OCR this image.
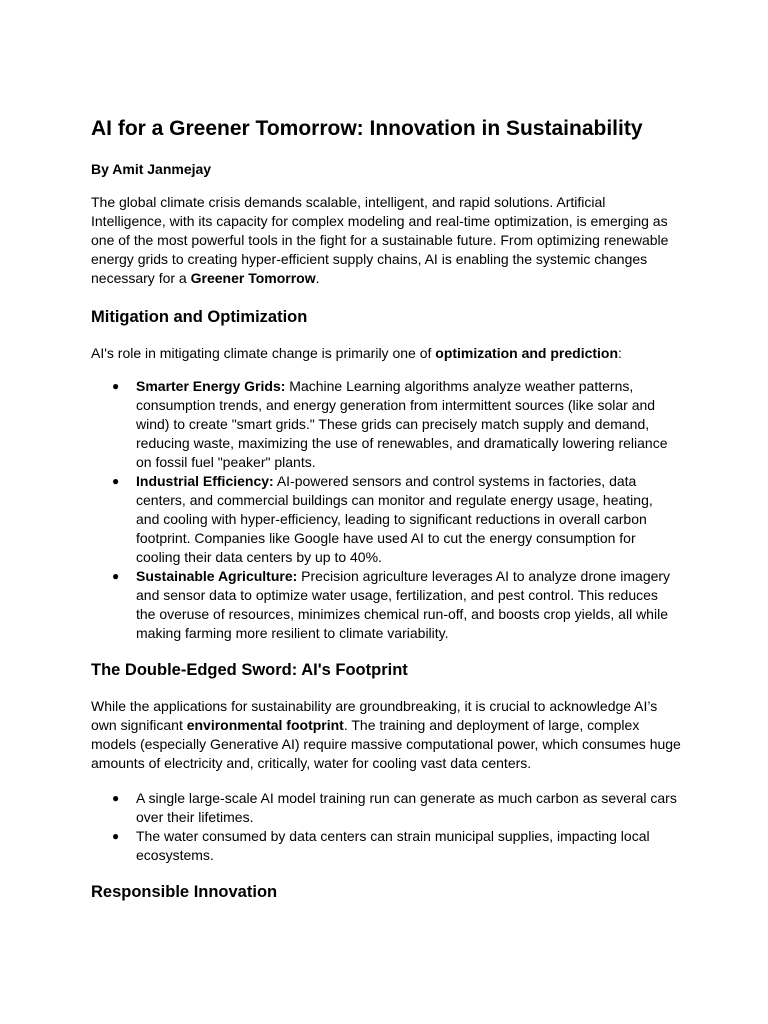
AI for a Greener Tomorrow: Innovation in Sustainability

By Amit Janmejay

The global climate crisis demands scalable, intelligent, and rapid solutions. Artificial Intelligence, with its capacity for complex modeling and real-time optimization, is emerging as one of the most powerful tools in the fight for a sustainable future. From optimizing renewable energy grids to creating hyper-efficient supply chains, AI is enabling the systemic changes necessary for a Greener Tomorrow.

Mitigation and Optimization

AI's role in mitigating climate change is primarily one of optimization and prediction:

● Smarter Energy Grids: Machine Learning algorithms analyze weather patterns, consumption trends, and energy generation from intermittent sources (like solar and wind) to create "smart grids." These grids can precisely match supply and demand, reducing waste, maximizing the use of renewables, and dramatically lowering reliance on fossil fuel "peaker" plants.
● Industrial Efficiency: AI-powered sensors and control systems in factories, data centers, and commercial buildings can monitor and regulate energy usage, heating, and cooling with hyper-efficiency, leading to significant reductions in overall carbon footprint. Companies like Google have used AI to cut the energy consumption for cooling their data centers by up to 40%.
● Sustainable Agriculture: Precision agriculture leverages AI to analyze drone imagery and sensor data to optimize water usage, fertilization, and pest control. This reduces the overuse of resources, minimizes chemical run-off, and boosts crop yields, all while making farming more resilient to climate variability.
The Double-Edged Sword: AI's Footprint

While the applications for sustainability are groundbreaking, it is crucial to acknowledge AI’s own significant environmental footprint. The training and deployment of large, complex models (especially Generative AI) require massive computational power, which consumes huge amounts of electricity and, critically, water for cooling vast data centers.

● A single large-scale AI model training run can generate as much carbon as several cars over their lifetimes.
● The water consumed by data centers can strain municipal supplies, impacting local ecosystems.
Responsible Innovation
